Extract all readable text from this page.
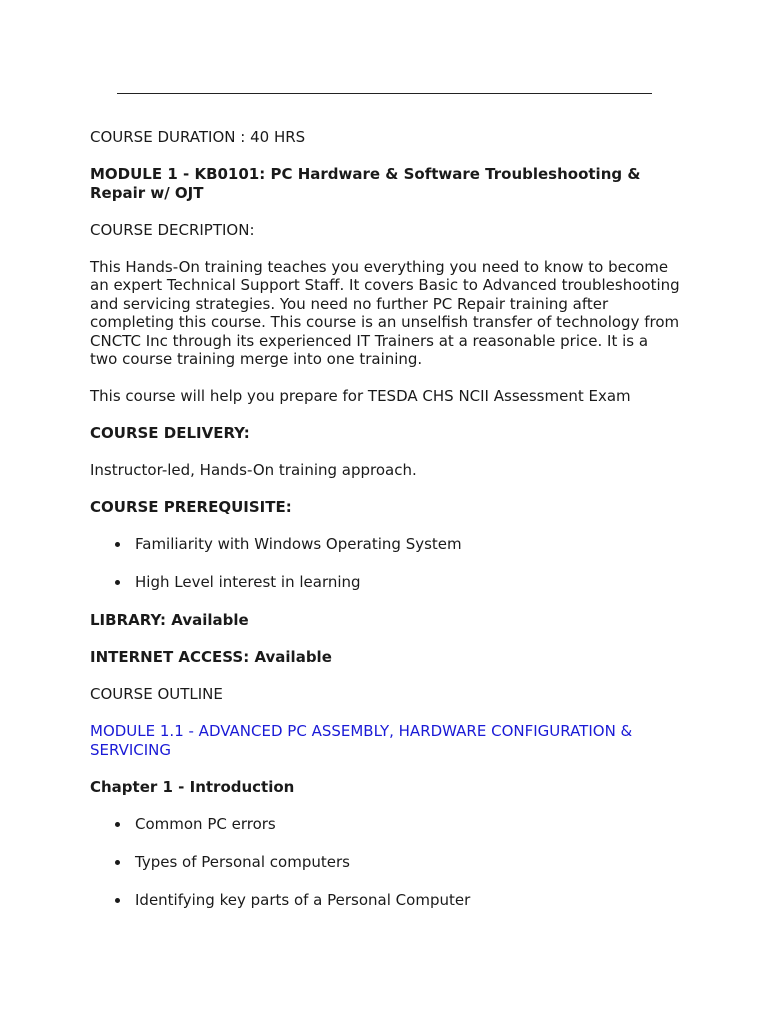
COURSE DURATION : 40 HRS

MODULE 1 - KB0101: PC Hardware & Software Troubleshooting & Repair w/ OJT

COURSE DECRIPTION:

This Hands-On training teaches you everything you need to know to become an expert Technical Support Staff. It covers Basic to Advanced troubleshooting and servicing strategies. You need no further PC Repair training after completing this course. This course is an unselfish transfer of technology from CNCTC Inc through its experienced IT Trainers at a reasonable price. It is a two course training merge into one training.

This course will help you prepare for TESDA CHS NCII Assessment Exam

COURSE DELIVERY:

Instructor-led, Hands-On training approach.

COURSE PREREQUISITE:

Familiarity with Windows Operating System
High Level interest in learning

LIBRARY: Available

INTERNET ACCESS: Available

COURSE OUTLINE

MODULE 1.1 - ADVANCED PC ASSEMBLY, HARDWARE CONFIGURATION & SERVICING

Chapter 1 - Introduction

Common PC errors
Types of Personal computers
Identifying key parts of a Personal Computer
